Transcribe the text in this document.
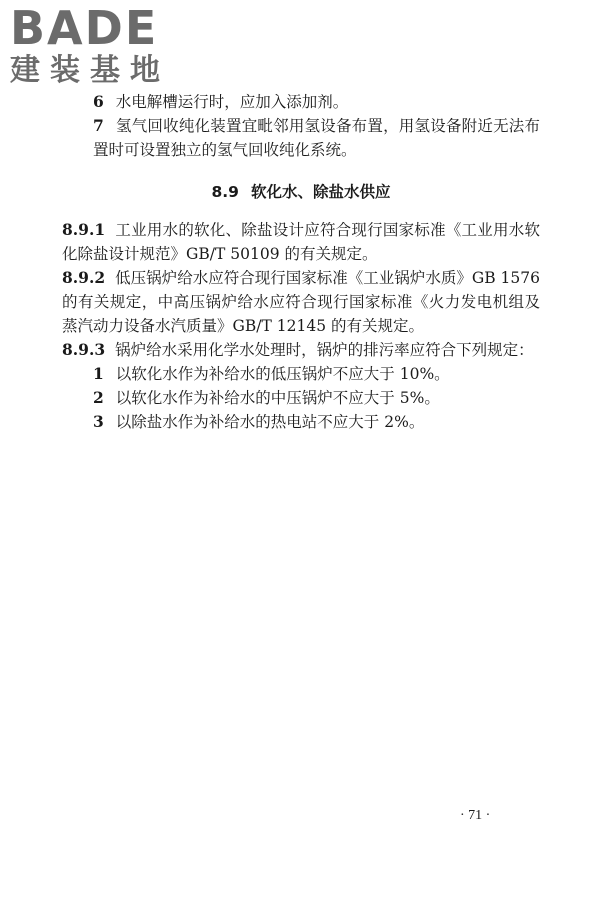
BADE
建装基地

6 水电解槽运行时，应加入添加剂。

7 氢气回收纯化装置宜毗邻用氢设备布置，用氢设备附近无法布置时可设置独立的氢气回收纯化系统。

8.9 软化水、除盐水供应

8.9.1 工业用水的软化、除盐设计应符合现行国家标准《工业用水软化除盐设计规范》GB/T 50109 的有关规定。

8.9.2 低压锅炉给水应符合现行国家标准《工业锅炉水质》GB 1576 的有关规定，中高压锅炉给水应符合现行国家标准《火力发电机组及蒸汽动力设备水汽质量》GB/T 12145 的有关规定。

8.9.3 锅炉给水采用化学水处理时，锅炉的排污率应符合下列规定：

1 以软化水作为补给水的低压锅炉不应大于 10%。

2 以软化水作为补给水的中压锅炉不应大于 5%。

3 以除盐水作为补给水的热电站不应大于 2%。

· 71 ·
